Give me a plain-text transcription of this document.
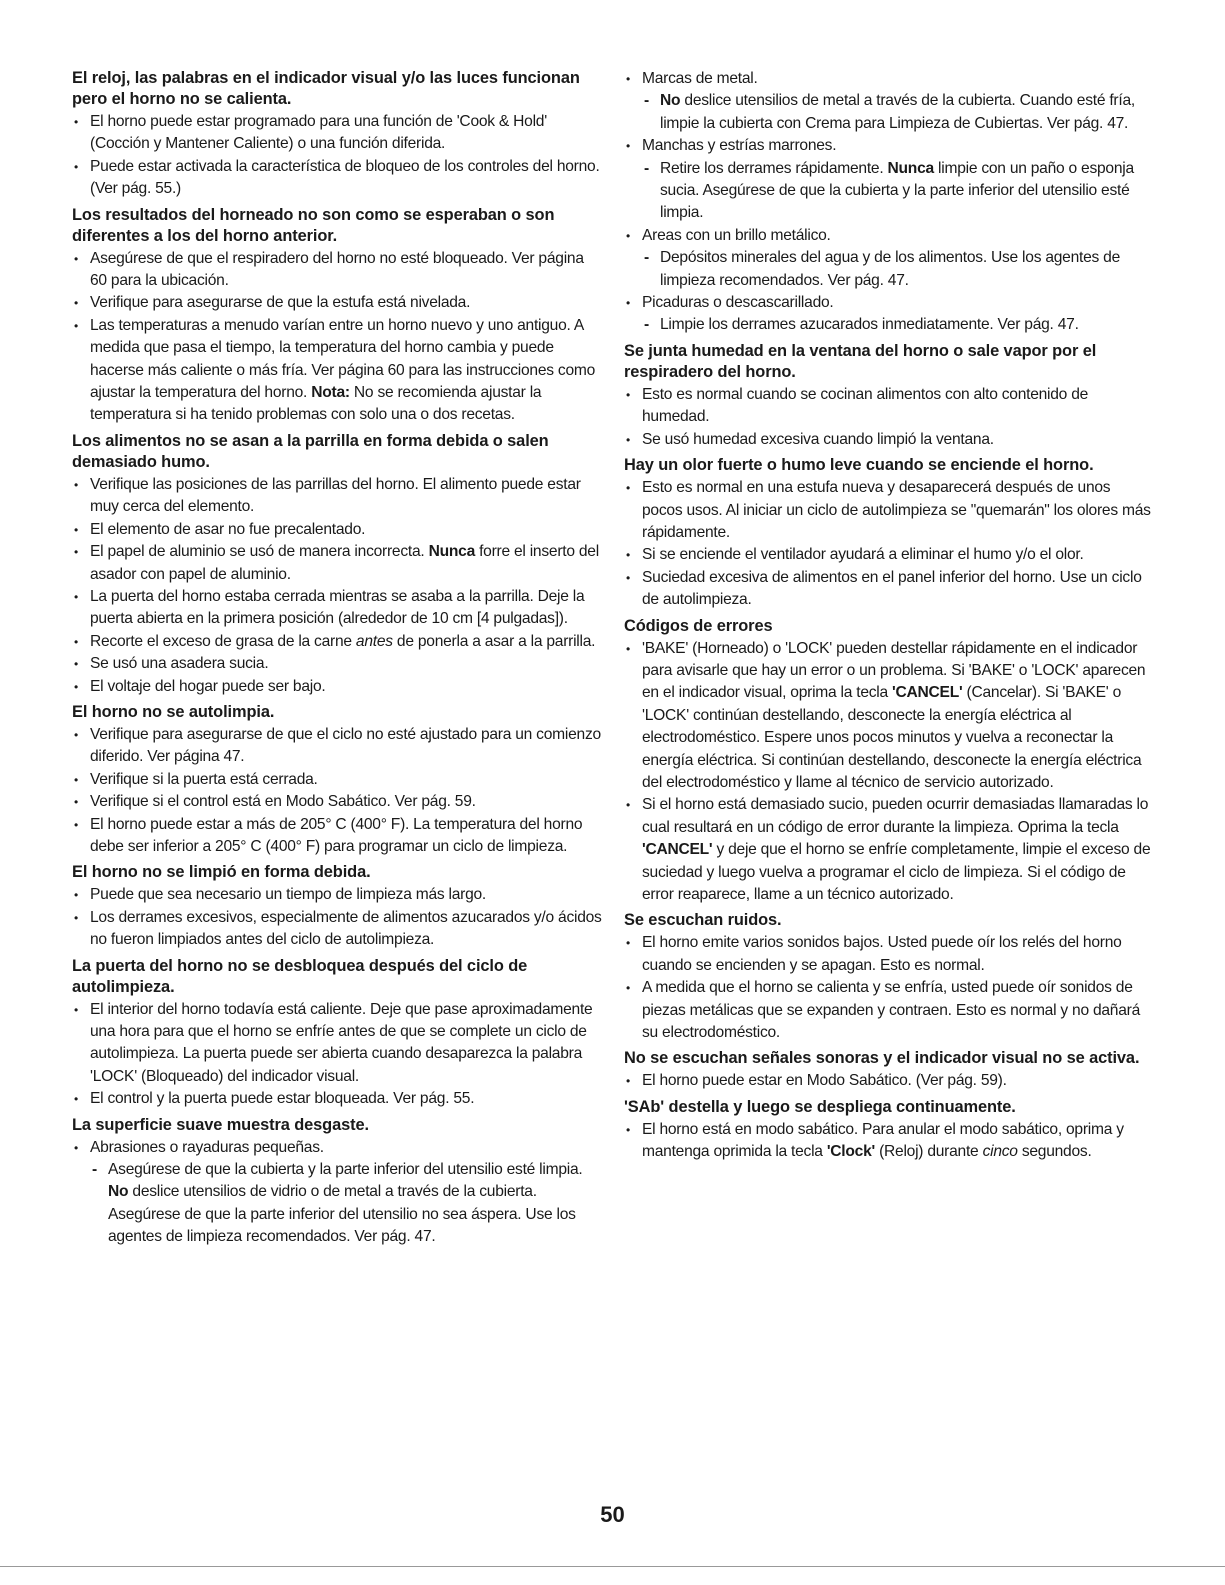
El reloj, las palabras en el indicador visual y/o las luces funcionan pero el horno no se calienta.
• El horno puede estar programado para una función de 'Cook & Hold' (Cocción y Mantener Caliente) o una función diferida.
• Puede estar activada la característica de bloqueo de los controles del horno. (Ver pág. 55.)
Los resultados del horneado no son como se esperaban o son diferentes a los del horno anterior.
• Asegúrese de que el respiradero del horno no esté bloqueado. Ver página 60 para la ubicación.
• Verifique para asegurarse de que la estufa está nivelada.
• Las temperaturas a menudo varían entre un horno nuevo y uno antiguo. A medida que pasa el tiempo, la temperatura del horno cambia y puede hacerse más caliente o más fría. Ver página 60 para las instrucciones como ajustar la temperatura del horno. Nota: No se recomienda ajustar la temperatura si ha tenido problemas con solo una o dos recetas.
Los alimentos no se asan a la parrilla en forma debida o salen demasiado humo.
• Verifique las posiciones de las parrillas del horno. El alimento puede estar muy cerca del elemento.
• El elemento de asar no fue precalentado.
• El papel de aluminio se usó de manera incorrecta. Nunca forre el inserto del asador con papel de aluminio.
• La puerta del horno estaba cerrada mientras se asaba a la parrilla. Deje la puerta abierta en la primera posición (alrededor de 10 cm [4 pulgadas]).
• Recorte el exceso de grasa de la carne antes de ponerla a asar a la parrilla.
• Se usó una asadera sucia.
• El voltaje del hogar puede ser bajo.
El horno no se autolimpia.
• Verifique para asegurarse de que el ciclo no esté ajustado para un comienzo diferido. Ver página 47.
• Verifique si la puerta está cerrada.
• Verifique si el control está en Modo Sabático. Ver pág. 59.
• El horno puede estar a más de 205° C (400° F). La temperatura del horno debe ser inferior a 205° C (400° F) para programar un ciclo de limpieza.
El horno no se limpió en forma debida.
• Puede que sea necesario un tiempo de limpieza más largo.
• Los derrames excesivos, especialmente de alimentos azucarados y/o ácidos no fueron limpiados antes del ciclo de autolimpieza.
La puerta del horno no se desbloquea después del ciclo de autolimpieza.
• El interior del horno todavía está caliente. Deje que pase aproximadamente una hora para que el horno se enfríe antes de que se complete un ciclo de autolimpieza. La puerta puede ser abierta cuando desaparezca la palabra 'LOCK' (Bloqueado) del indicador visual.
• El control y la puerta puede estar bloqueada. Ver pág. 55.
La superficie suave muestra desgaste.
• Abrasiones o rayaduras pequeñas.
- Asegúrese de que la cubierta y la parte inferior del utensilio esté limpia. No deslice utensilios de vidrio o de metal a través de la cubierta. Asegúrese de que la parte inferior del utensilio no sea áspera. Use los agentes de limpieza recomendados. Ver pág. 47.
• Marcas de metal.
- No deslice utensilios de metal a través de la cubierta. Cuando esté fría, limpie la cubierta con Crema para Limpieza de Cubiertas. Ver pág. 47.
• Manchas y estrías marrones.
- Retire los derrames rápidamente. Nunca limpie con un paño o esponja sucia. Asegúrese de que la cubierta y la parte inferior del utensilio esté limpia.
• Areas con un brillo metálico.
- Depósitos minerales del agua y de los alimentos. Use los agentes de limpieza recomendados. Ver pág. 47.
• Picaduras o descascarillado.
- Limpie los derrames azucarados inmediatamente. Ver pág. 47.
Se junta humedad en la ventana del horno o sale vapor por el respiradero del horno.
• Esto es normal cuando se cocinan alimentos con alto contenido de humedad.
• Se usó humedad excesiva cuando limpió la ventana.
Hay un olor fuerte o humo leve cuando se enciende el horno.
• Esto es normal en una estufa nueva y desaparecerá después de unos pocos usos. Al iniciar un ciclo de autolimpieza se "quemarán" los olores más rápidamente.
• Si se enciende el ventilador ayudará a eliminar el humo y/o el olor.
• Suciedad excesiva de alimentos en el panel inferior del horno. Use un ciclo de autolimpieza.
Códigos de errores
• 'BAKE' (Horneado) o 'LOCK' pueden destellar rápidamente en el indicador para avisarle que hay un error o un problema. Si 'BAKE' o 'LOCK' aparecen en el indicador visual, oprima la tecla 'CANCEL' (Cancelar). Si 'BAKE' o 'LOCK' continúan destellando, desconecte la energía eléctrica al electrodoméstico. Espere unos pocos minutos y vuelva a reconectar la energía eléctrica. Si continúan destellando, desconecte la energía eléctrica del electrodoméstico y llame al técnico de servicio autorizado.
• Si el horno está demasiado sucio, pueden ocurrir demasiadas llamaradas lo cual resultará en un código de error durante la limpieza. Oprima la tecla 'CANCEL' y deje que el horno se enfríe completamente, limpie el exceso de suciedad y luego vuelva a programar el ciclo de limpieza. Si el código de error reaparece, llame a un técnico autorizado.
Se escuchan ruidos.
• El horno emite varios sonidos bajos. Usted puede oír los relés del horno cuando se encienden y se apagan. Esto es normal.
• A medida que el horno se calienta y se enfría, usted puede oír sonidos de piezas metálicas que se expanden y contraen. Esto es normal y no dañará su electrodoméstico.
No se escuchan señales sonoras y el indicador visual no se activa.
• El horno puede estar en Modo Sabático. (Ver pág. 59).
'SAb' destella y luego se despliega continuamente.
• El horno está en modo sabático. Para anular el modo sabático, oprima y mantenga oprimida la tecla 'Clock' (Reloj) durante cinco segundos.
50
